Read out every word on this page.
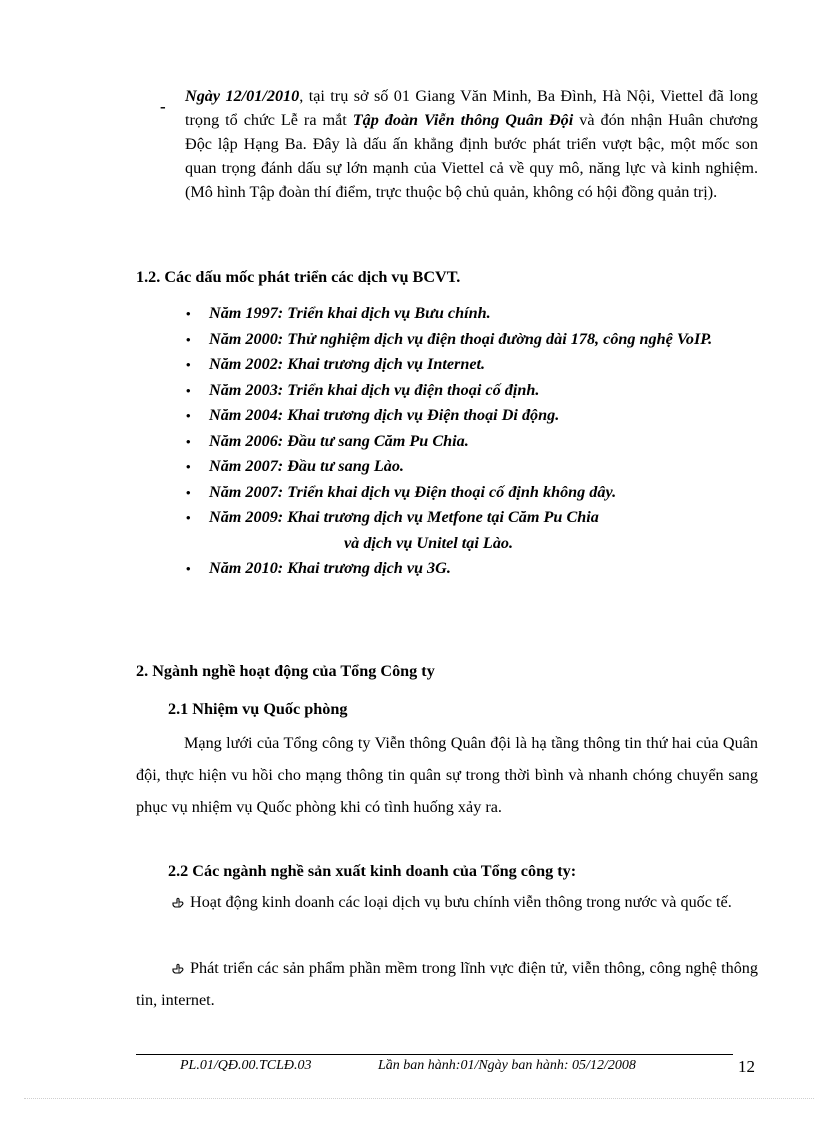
-

Ngày 12/01/2010, tại trụ sở số 01 Giang Văn Minh, Ba Đình, Hà Nội, Viettel đã long trọng tổ chức Lễ ra mắt Tập đoàn Viễn thông Quân Đội và đón nhận Huân chương Độc lập Hạng Ba. Đây là dấu ấn khẳng định bước phát triển vượt bậc, một mốc son quan trọng đánh dấu sự lớn mạnh của Viettel cả về quy mô, năng lực và kinh nghiệm. (Mô hình Tập đoàn thí điểm, trực thuộc bộ chủ quản, không có hội đồng quản trị).

1.2. Các dấu mốc phát triển các dịch vụ BCVT.
• Năm 1997: Triển khai dịch vụ Bưu chính.
• Năm 2000: Thử nghiệm dịch vụ điện thoại đường dài 178, công nghệ VoIP.
• Năm 2002: Khai trương dịch vụ Internet.
• Năm 2003: Triển khai dịch vụ điện thoại cố định.
• Năm 2004: Khai trương dịch vụ Điện thoại Di động.
• Năm 2006: Đầu tư sang Căm Pu Chia.
• Năm 2007: Đầu tư sang Lào.
• Năm 2007: Triển khai dịch vụ Điện thoại cố định không dây.
• Năm 2009: Khai trương dịch vụ Metfone tại Căm Pu Chia
và dịch vụ Unitel tại Lào.
• Năm 2010: Khai trương dịch vụ 3G.
2. Ngành nghề hoạt động của Tổng Công ty
2.1 Nhiệm vụ Quốc phòng

Mạng lưới của Tổng công ty Viễn thông Quân đội là hạ tầng thông tin thứ hai của Quân đội, thực hiện vu hồi cho mạng thông tin quân sự trong thời bình và nhanh chóng chuyển sang phục vụ nhiệm vụ Quốc phòng khi có tình huống xảy ra.

2.2 Các ngành nghề sản xuất kinh doanh của Tổng công ty:

Hoạt động kinh doanh các loại dịch vụ bưu chính viễn thông trong nước và quốc tế.

Phát triển các sản phẩm phần mềm trong lĩnh vực điện tử, viễn thông, công nghệ thông tin, internet.

PL.01/QĐ.00.TCLĐ.03	Lần ban hành:01/Ngày ban hành: 05/12/2008	12
